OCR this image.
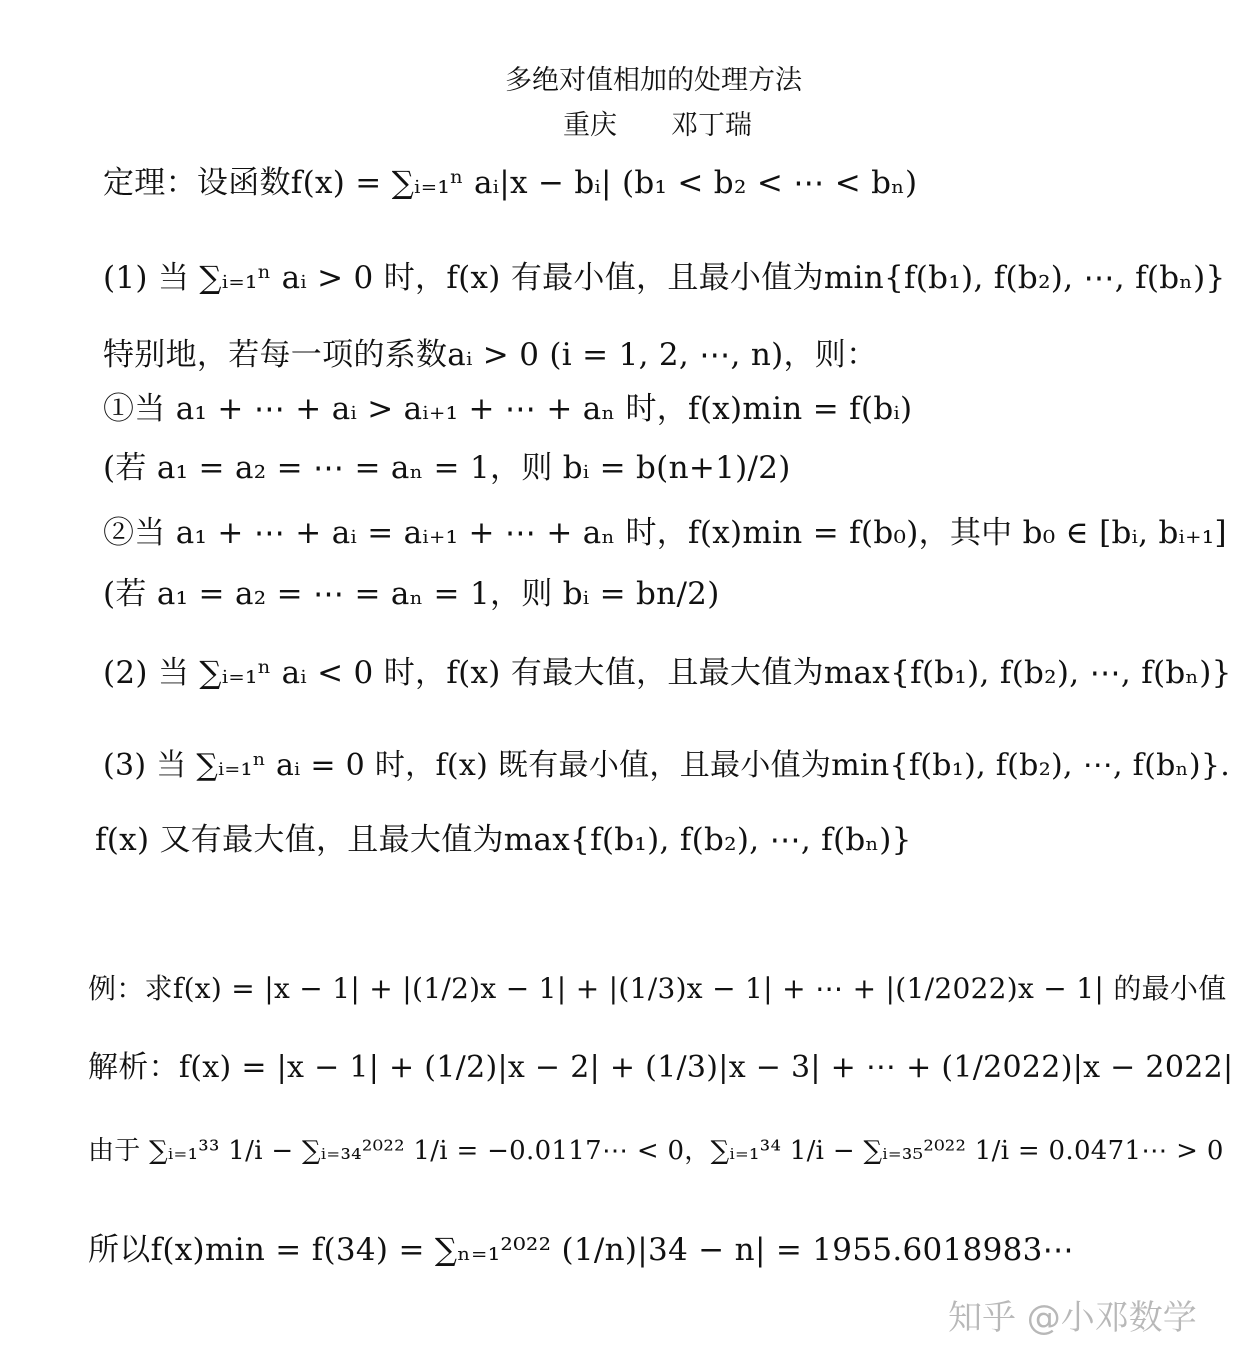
多绝对值相加的处理方法
重庆　　邓丁瑞
定理：设函数f(x) = ∑ᵢ₌₁ⁿ aᵢ|x − bᵢ| (b₁ < b₂ < ⋯ < bₙ)
(1) 当 ∑ᵢ₌₁ⁿ aᵢ > 0 时，f(x) 有最小值，且最小值为min{f(b₁), f(b₂), ⋯, f(bₙ)}
特别地，若每一项的系数aᵢ > 0 (i = 1, 2, ⋯, n)，则：
①当 a₁ + ⋯ + aᵢ > aᵢ₊₁ + ⋯ + aₙ 时，f(x)min = f(bᵢ)
(若 a₁ = a₂ = ⋯ = aₙ = 1，则 bᵢ = b(n+1)/2)
②当 a₁ + ⋯ + aᵢ = aᵢ₊₁ + ⋯ + aₙ 时，f(x)min = f(b₀)，其中 b₀ ∈ [bᵢ, bᵢ₊₁]
(若 a₁ = a₂ = ⋯ = aₙ = 1，则 bᵢ = bn/2)
(2) 当 ∑ᵢ₌₁ⁿ aᵢ < 0 时，f(x) 有最大值，且最大值为max{f(b₁), f(b₂), ⋯, f(bₙ)}
(3) 当 ∑ᵢ₌₁ⁿ aᵢ = 0 时，f(x) 既有最小值，且最小值为min{f(b₁), f(b₂), ⋯, f(bₙ)}.
f(x) 又有最大值，且最大值为max{f(b₁), f(b₂), ⋯, f(bₙ)}
例：求f(x) = |x − 1| + |(1/2)x − 1| + |(1/3)x − 1| + ⋯ + |(1/2022)x − 1| 的最小值
解析：f(x) = |x − 1| + (1/2)|x − 2| + (1/3)|x − 3| + ⋯ + (1/2022)|x − 2022|
由于 ∑ᵢ₌₁³³ 1/i − ∑ᵢ₌₃₄²⁰²² 1/i = −0.0117⋯ < 0，∑ᵢ₌₁³⁴ 1/i − ∑ᵢ₌₃₅²⁰²² 1/i = 0.0471⋯ > 0
所以f(x)min = f(34) = ∑ₙ₌₁²⁰²² (1/n)|34 − n| = 1955.6018983⋯
知乎 @小邓数学
